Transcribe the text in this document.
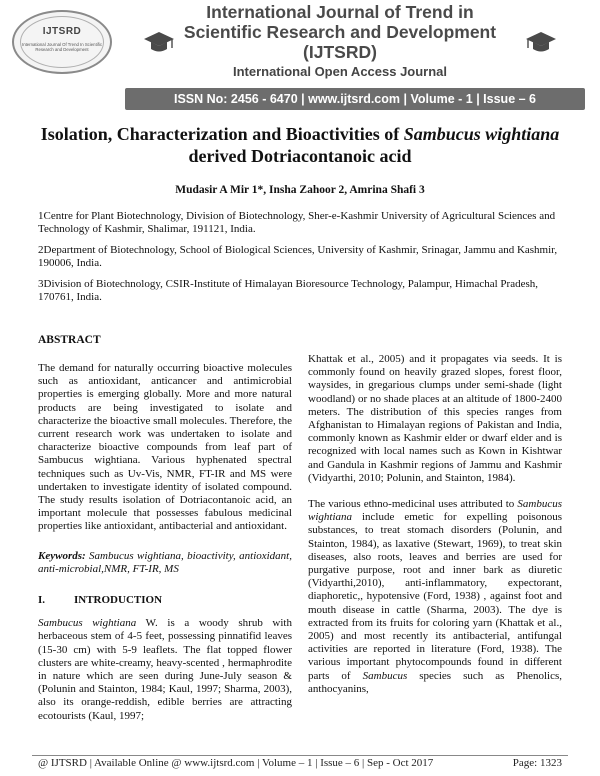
IJTSRD
International Journal Of Trend In Scientific Research and Development
International Journal of Trend in Scientific Research and Development (IJTSRD)
International Open Access Journal
ISSN No: 2456 - 6470 | www.ijtsrd.com | Volume - 1 | Issue – 6
Isolation, Characterization and Bioactivities of Sambucus wightiana
derived Dotriacontanoic acid
Mudasir A Mir 1*, Insha Zahoor 2, Amrina Shafi 3
1Centre for Plant Biotechnology, Division of Biotechnology, Sher-e-Kashmir University of Agricultural Sciences and Technology of Kashmir, Shalimar, 191121, India.
2Department of Biotechnology, School of Biological Sciences, University of Kashmir, Srinagar, Jammu and Kashmir, 190006, India.
3Division of Biotechnology, CSIR-Institute of Himalayan Bioresource Technology, Palampur, Himachal Pradesh, 170761, India.
ABSTRACT

The demand for naturally occurring bioactive molecules such as antioxidant, anticancer and antimicrobial properties is emerging globally. More and more natural products are being investigated to isolate and characterize the bioactive small molecules. Therefore, the current research work was undertaken to isolate and characterize bioactive compounds from leaf part of Sambucus wightiana. Various hyphenated spectral techniques such as Uv-Vis, NMR, FT-IR and MS were undertaken to investigate identity of isolated compound. The study results isolation of Dotriacontanoic acid, an important molecule that possesses fabulous medicinal properties like antioxidant, antibacterial and antioxidant.

Keywords: Sambucus wightiana, bioactivity, antioxidant, anti-microbial,NMR, FT-IR, MS

I.	INTRODUCTION

Sambucus wightiana W. is a woody shrub with herbaceous stem of 4-5 feet, possessing pinnatifid leaves (15-30 cm) with 5-9 leaflets. The flat topped flower clusters are white-creamy, heavy-scented , hermaphrodite in nature which are seen during June-July season & (Polunin and Stainton, 1984; Kaul, 1997; Sharma, 2003), also its orange-reddish, edible berries are attracting ecotourists (Kaul, 1997;

Khattak et al., 2005) and it propagates via seeds. It is commonly found on heavily grazed slopes, forest floor, waysides, in gregarious clumps under semi-shade (light woodland) or no shade places at an altitude of 1800-2400 meters. The distribution of this species ranges from Afghanistan to Himalayan regions of Pakistan and India, commonly known as Kashmir elder or dwarf elder and is recognized with local names such as Kown in Kishtwar and Gandula in Kashmir regions of Jammu and Kashmir (Vidyarthi, 2010; Polunin, and Stainton, 1984).

The various ethno-medicinal uses attributed to Sambucus wightiana include emetic for expelling poisonous substances, to treat stomach disorders (Polunin, and Stainton, 1984), as laxative (Stewart, 1969), to treat skin diseases, also roots, leaves and berries are used for purgative purpose, root and inner bark as diuretic (Vidyarthi,2010), anti-inflammatory, expectorant, diaphoretic,, hypotensive (Ford, 1938) , against foot and mouth disease in cattle (Sharma, 2003). The dye is extracted from its fruits for coloring yarn (Khattak et al., 2005) and most recently its antibacterial, antifungal activities are reported in literature (Ford, 1938). The various important phytocompounds found in different parts of Sambucus species such as Phenolics, anthocyanins,

@ IJTSRD | Available Online @ www.ijtsrd.com | Volume – 1 | Issue – 6 | Sep - Oct 2017	Page: 1323
